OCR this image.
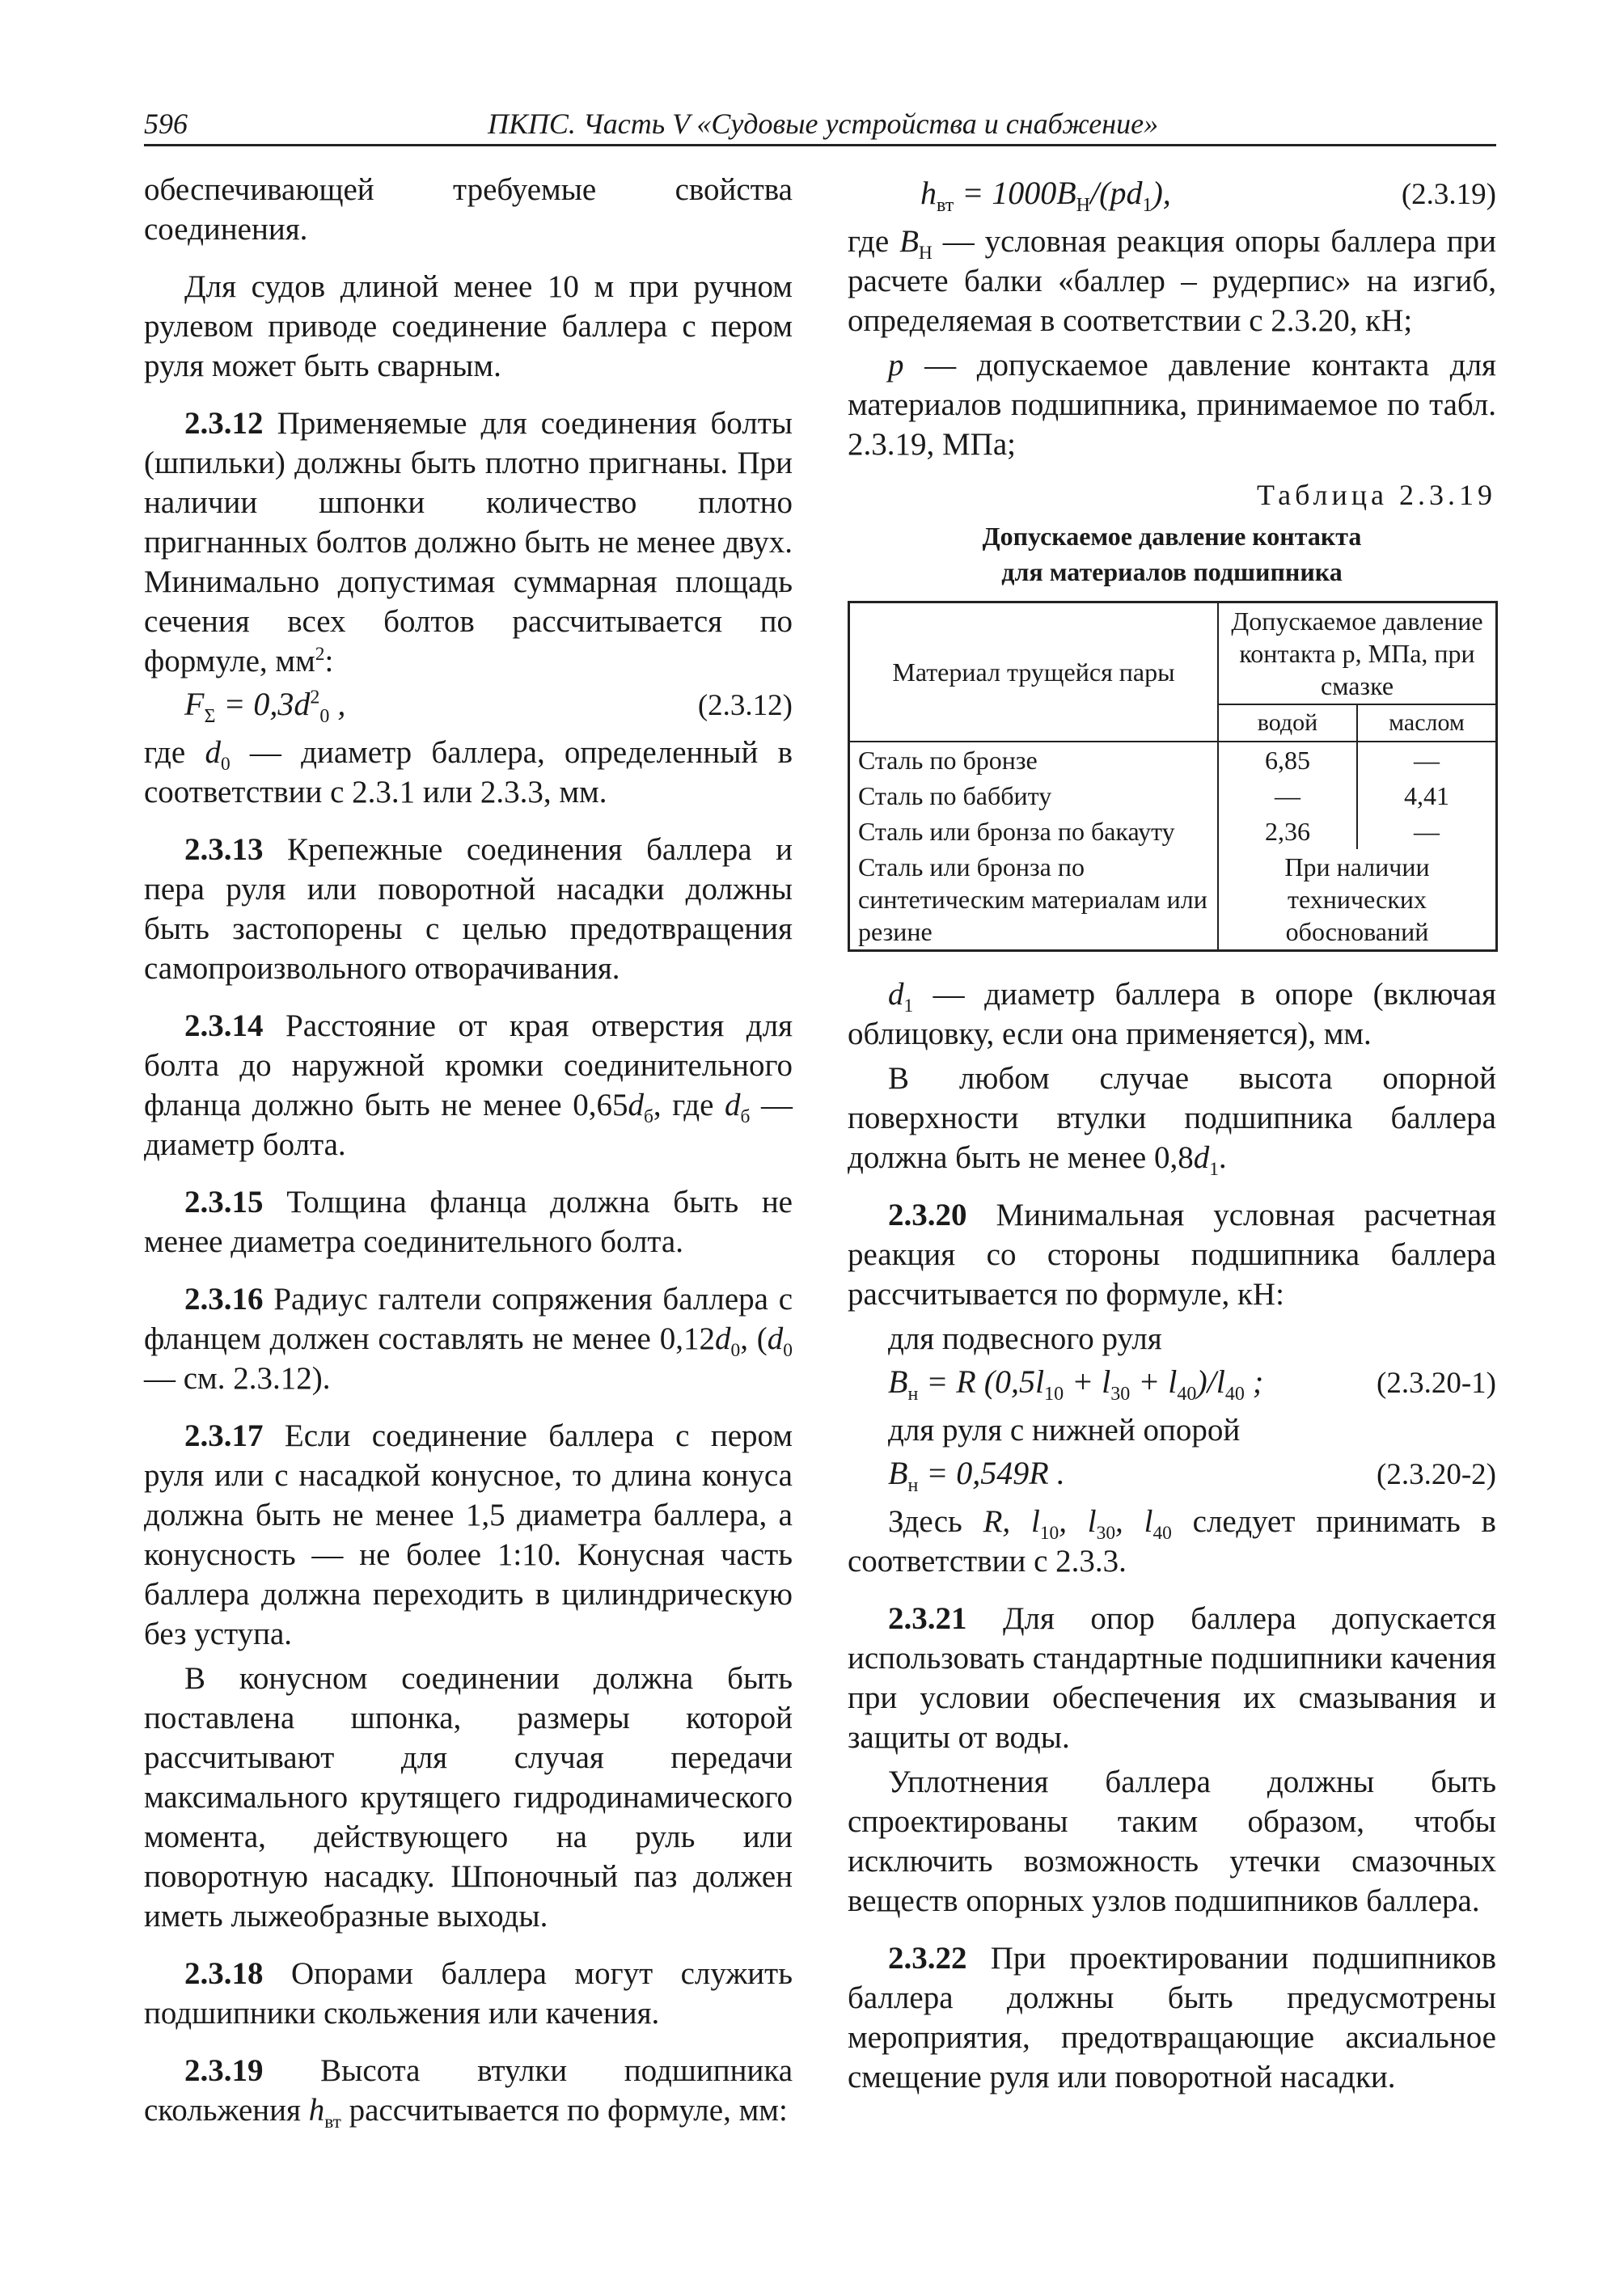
596	ПКПС. Часть V «Судовые устройства и снабжение»

обеспечивающей требуемые свойства соединения.

Для судов длиной менее 10 м при ручном рулевом приводе соединение баллера с пером руля может быть сварным.

2.3.12 Применяемые для соединения болты (шпильки) должны быть плотно пригнаны. При наличии шпонки количество плотно пригнанных болтов должно быть не менее двух. Минимально допустимая суммарная площадь сечения всех болтов рассчитывается по формуле, $мм^2$:

$F_\Sigma = 0,3d^2_0$ ,	(2.3.12)

где $d_0$ — диаметр баллера, определенный в соответствии с 2.3.1 или 2.3.3, мм.

2.3.13 Крепежные соединения баллера и пера руля или поворотной насадки должны быть застопорены с целью предотвращения самопроизвольного отворачивания.

2.3.14 Расстояние от края отверстия для болта до наружной кромки соединительного фланца должно быть не менее $0,65d_б$, где $d_б$ — диаметр болта.

2.3.15 Толщина фланца должна быть не менее диаметра соединительного болта.

2.3.16 Радиус галтели сопряжения баллера с фланцем должен составлять не менее $0,12d_0$, ($d_0$ — см. 2.3.12).

2.3.17 Если соединение баллера с пером руля или с насадкой конусное, то длина конуса должна быть не менее 1,5 диаметра баллера, а конусность — не более 1:10. Конусная часть баллера должна переходить в цилиндрическую без уступа.

В конусном соединении должна быть поставлена шпонка, размеры которой рассчитывают для случая передачи максимального крутящего гидродинамического момента, действующего на руль или поворотную насадку. Шпоночный паз должен иметь лыжеобразные выходы.

2.3.18 Опорами баллера могут служить подшипники скольжения или качения.

2.3.19 Высота втулки подшипника скольжения $h_{вт}$ рассчитывается по формуле, мм:

$h_{вт} = 1000B_Н/(pd_1)$,	(2.3.19)

где $B_Н$ — условная реакция опоры баллера при расчете балки «баллер – рудерпис» на изгиб, определяемая в соответствии с 2.3.20, кН;

p — допускаемое давление контакта для материалов подшипника, принимаемое по табл. 2.3.19, МПа;

Таблица 2.3.19
Допускаемое давление контакта
для материалов подшипника
Материал трущейся пары	Допускаемое давление контакта p, МПа, при смазке	
	водой	маслом
Сталь по бронзе	6,85	—
Сталь по баббиту	—	4,41
Сталь или бронза по бакауту	2,36	—
Сталь или бронза по синтетическим материалам или резине	При наличии технических обоснований	

$d_1$ — диаметр баллера в опоре (включая облицовку, если она применяется), мм.

В любом случае высота опорной поверхности втулки подшипника баллера должна быть не менее $0,8d_1$.

2.3.20 Минимальная условная расчетная реакция со стороны подшипника баллера рассчитывается по формуле, кН:

для подвесного руля

$B_н = R$ $(0,5l_{10} + l_{30} + l_{40})/l_{40}$ ;	(2.3.20-1)

для руля с нижней опорой

$B_н = 0,549R$ .	(2.3.20-2)

Здесь R, $l_{10}$, $l_{30}$, $l_{40}$ следует принимать в соответствии с 2.3.3.

2.3.21 Для опор баллера допускается использовать стандартные подшипники качения при условии обеспечения их смазывания и защиты от воды.

Уплотнения баллера должны быть спроектированы таким образом, чтобы исключить возможность утечки смазочных веществ опорных узлов подшипников баллера.

2.3.22 При проектировании подшипников баллера должны быть предусмотрены мероприятия, предотвращающие аксиальное смещение руля или поворотной насадки.
